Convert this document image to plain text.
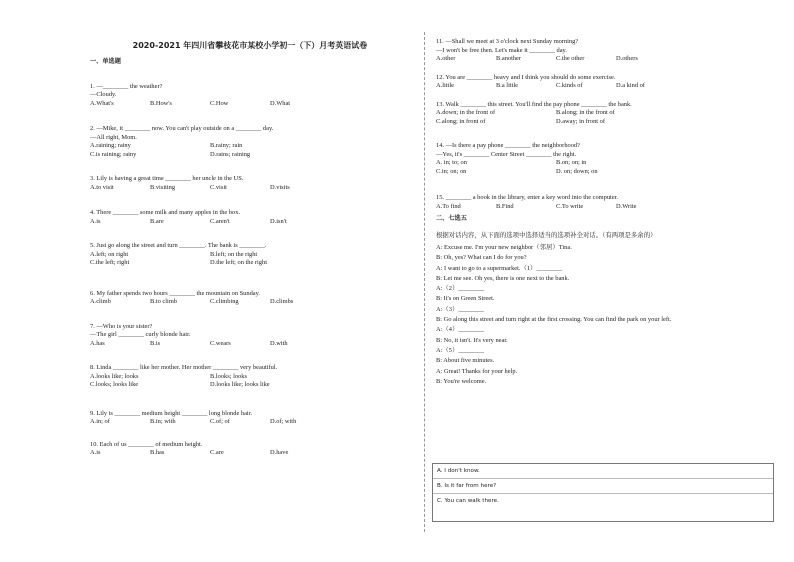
2020-2021 年四川省攀枝花市某校小学初一（下）月考英语试卷
一、单选题
1. —________ the weather?
—Cloudy.
A.What's	B.How's	C.How	D.What
2. —Mike, it ________ now. You can't play outside on a ________ day.
—All right, Mom.
A.raining; rainy	B.rainy; rain
C.is raining; rainy	D.rains; raining
3. Lily is having a great time ________ her uncle in the US.
A.to visit	B.visiting	C.visit	D.visits
4. There ________ some milk and many apples in the box.
A.is	B.are	C.aren't	D.isn't
5. Just go along the street and turn ________. The bank is ________.
A.left; on right	B.left; on the right
C.the left; right	D.the left; on the right
6. My father spends two hours ________ the mountain on Sunday.
A.climb	B.to climb	C.climbing	D.climbs
7. —Who is your sister?
—The girl ________ curly blonde hair.
A.has	B.is	C.wears	D.with
8. Linda ________ like her mother. Her mother ________ very beautiful.
A.looks like; looks	B.looks; looks
C.looks; looks like	D.looks like; looks like
9. Lily is ________ medium height ________ long blonde hair.
A.in; of	B.in; with	C.of; of	D.of; with
10. Each of us ________ of medium height.
A.is	B.has	C.are	D.have
11. —Shall we meet at 3 o'clock next Sunday morning?
—I won't be free then. Let's make it ________ day.
A.other	B.another	C.the other	D.others
12. You are ________ heavy and I think you should do some exercise.
A.little	B.a little	C.kinds of	D.a kind of
13. Walk ________ this street. You'll find the pay phone ________ the bank.
A.down; in the front of	B.along; in the front of
C.along; in front of	D.away; in front of
14. —Is there a pay phone ________ the neighborhood?
—Yes, it's ________ Center Street ________ the right.
A. in; to; on	B.on; on; in
C.in; on; on	D. on; down; on
15. ________ a book in the library, enter a key word into the computer.
A.To find	B.Find	C.To write	D.Write
二、七选五
根据对话内容，从下面的选项中选择适当的选项补全对话。（有两项是多余的）
A: Excuse me. I'm your new neighbor（邻居）Tina.
B: Oh, yes? What can I do for you?
A: I want to go to a supermarket.（1）________
B: Let me see. Oh yes, there is one next to the bank.
A:（2）________
B: It's on Green Street.
A:（3）________
B: Go along this street and turn right at the first crossing. You can find the park on your left.
A:（4）________
B: No, it isn't. It's very near.
A:（5）________
B: About five minutes.
A: Great! Thanks for your help.
B: You're welcome.
A. I don't know.
B. Is it far from here?
C. You can walk there.
